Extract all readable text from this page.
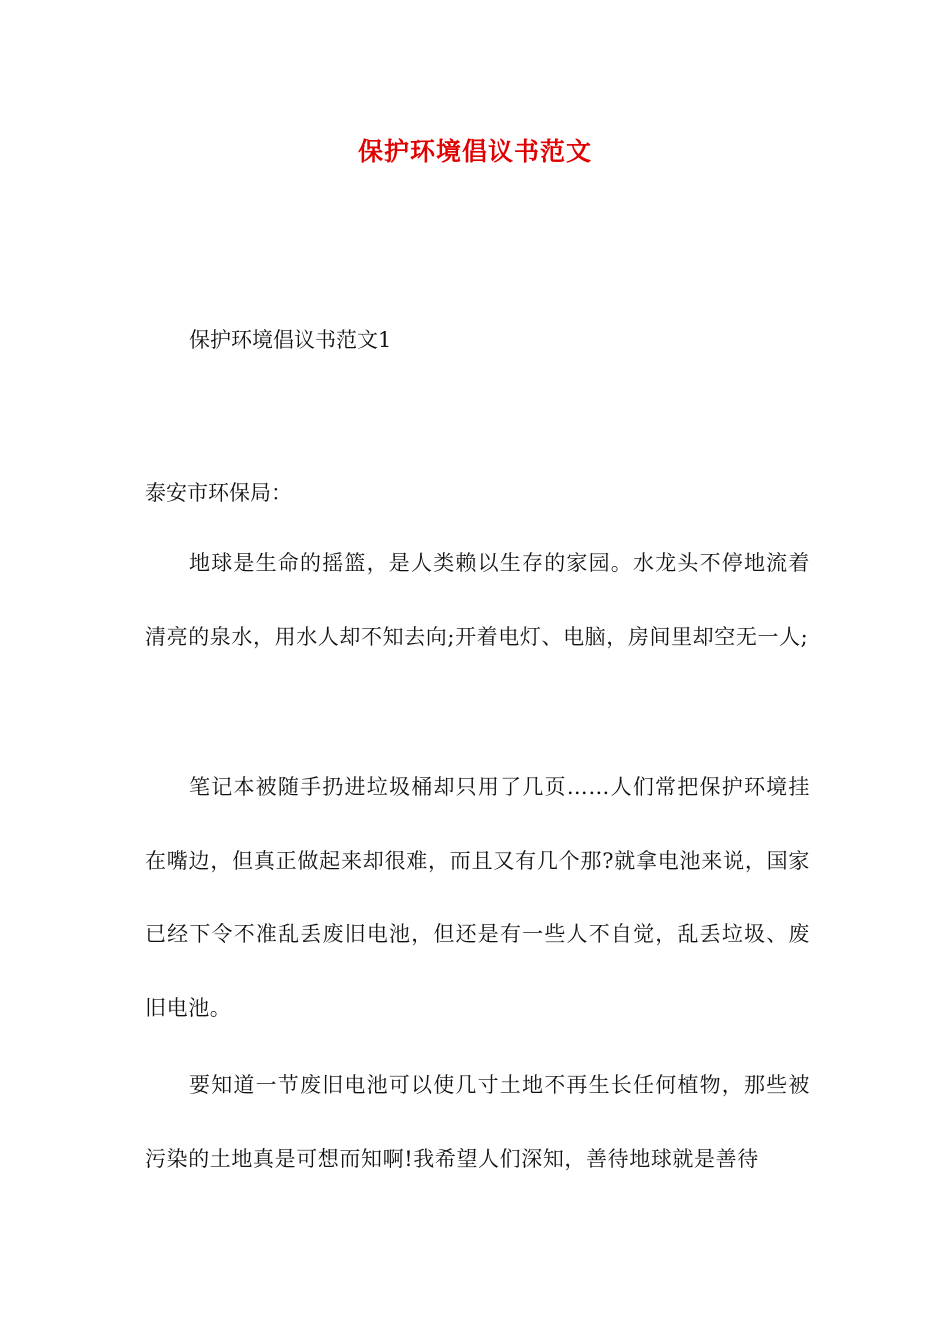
保护环境倡议书范文
保护环境倡议书范文1
泰安市环保局：

地球是生命的摇篮，是人类赖以生存的家园。水龙头不停地流着清亮的泉水，用水人却不知去向;开着电灯、电脑，房间里却空无一人;

笔记本被随手扔进垃圾桶却只用了几页……人们常把保护环境挂在嘴边，但真正做起来却很难，而且又有几个那?就拿电池来说，国家已经下令不准乱丢废旧电池，但还是有一些人不自觉，乱丢垃圾、废旧电池。

要知道一节废旧电池可以使几寸土地不再生长任何植物，那些被污染的土地真是可想而知啊!我希望人们深知，善待地球就是善待
